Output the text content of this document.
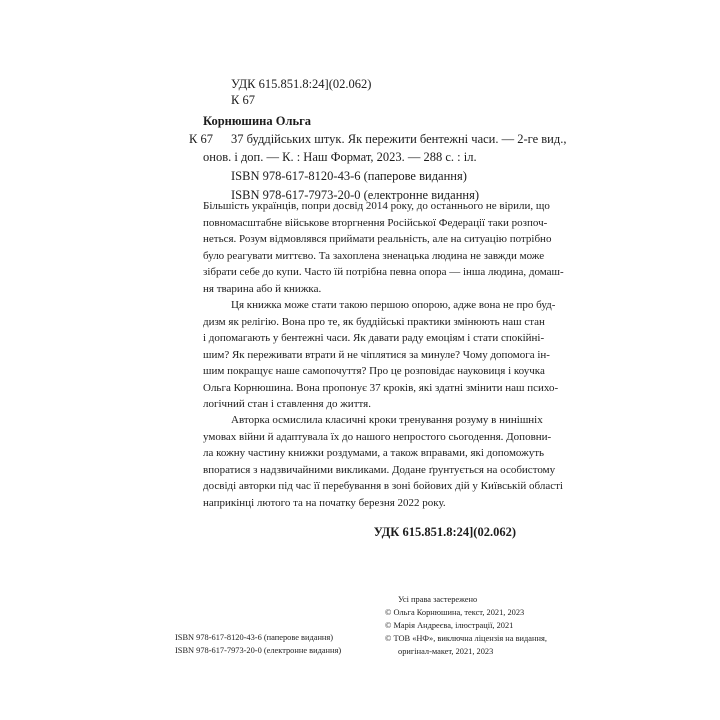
УДК 615.851.8:24](02.062)
К 67
Корнюшина Ольга
К 67 37 буддійських штук. Як пережити бентежні часи. — 2-ге вид.,
онов. і доп. — К. : Наш Формат, 2023. — 288 с. : іл.
ISBN 978-617-8120-43-6 (паперове видання)
ISBN 978-617-7973-20-0 (електронне видання)

Більшість українців, попри досвід 2014 року, до останнього не вірили, що

повномасштабне військове вторгнення Російської Федерації таки розпоч-

неться. Розум відмовлявся приймати реальність, але на ситуацію потрібно

було реагувати миттєво. Та захоплена зненацька людина не завжди може

зібрати себе до купи. Часто їй потрібна певна опора — інша людина, домаш-

ня тварина або й книжка.

Ця книжка може стати такою першою опорою, адже вона не про буд-

дизм як релігію. Вона про те, як буддійські практики змінюють наш стан

і допомагають у бентежні часи. Як давати раду емоціям і стати спокійні-

шим? Як переживати втрати й не чіплятися за минуле? Чому допомога ін-

шим покращує наше самопочуття? Про це розповідає науковиця і коучка

Ольга Корнюшина. Вона пропонує 37 кроків, які здатні змінити наш психо-

логічний стан і ставлення до життя.

Авторка осмислила класичні кроки тренування розуму в нинішніх

умовах війни й адаптувала їх до нашого непростого сьогодення. Доповни-

ла кожну частину книжки роздумами, а також вправами, які допоможуть

впоратися з надзвичайними викликами. Додане ґрунтується на особистому

досвіді авторки під час її перебування в зоні бойових дій у Київській області

наприкінці лютого та на початку березня 2022 року.

УДК 615.851.8:24](02.062)
ISBN 978-617-8120-43-6 (паперове видання)
ISBN 978-617-7973-20-0 (електронне видання)
Усі права застережено
© Ольга Корнюшина, текст, 2021, 2023
© Марія Андреєва, ілюстрації, 2021
© ТОВ «НФ», виключна ліцензія на видання,
оригінал-макет, 2021, 2023
